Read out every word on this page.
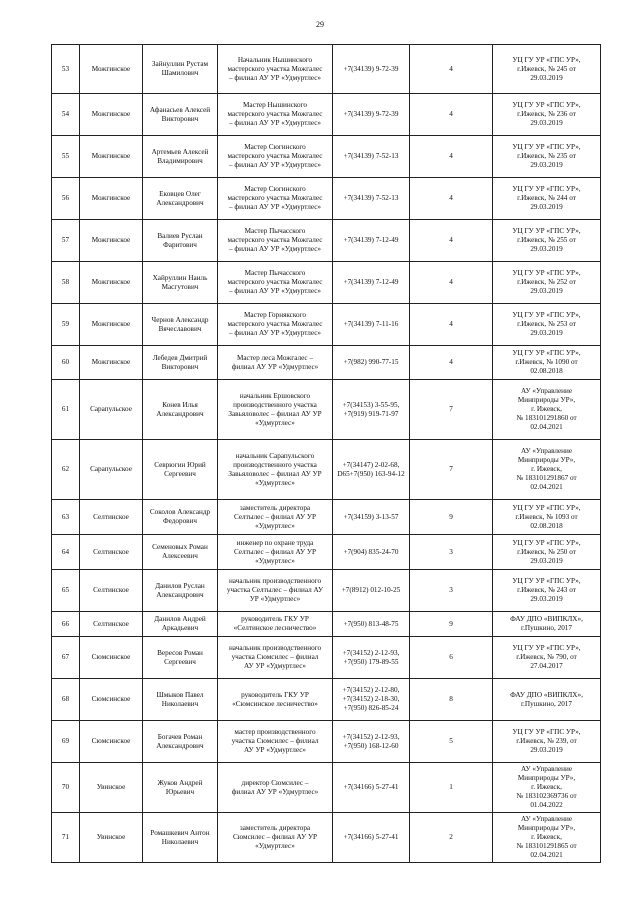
29
53	Можгинское	Зайнуллин Рустам
Шамилович	Начальник Нышинского
мастерского участка Можгалес
– филиал АУ УР «Удмуртлес»	+7(34139) 9-72-39	4	УЦ ГУ УР «ГПС УР»,
г.Ижевск, № 245 от
29.03.2019
54	Можгинское	Афанасьев Алексей
Викторович	Мастер Нышинского
мастерского участка Можгалес
– филиал АУ УР «Удмуртлес»	+7(34139) 9-72-39	4	УЦ ГУ УР «ГПС УР»,
г.Ижевск, № 236 от
29.03.2019
55	Можгинское	Артемьев Алексей
Владимирович	Мастер Сюгинского
мастерского участка Можгалес
– филиал АУ УР «Удмуртлес»	+7(34139) 7-52-13	4	УЦ ГУ УР «ГПС УР»,
г.Ижевск, № 235 от
29.03.2019
56	Можгинское	Ековцев Олег
Александрович	Мастер Сюгинского
мастерского участка Можгалес
– филиал АУ УР «Удмуртлес»	+7(34139) 7-52-13	4	УЦ ГУ УР «ГПС УР»,
г.Ижевск, № 244 от
29.03.2019
57	Можгинское	Валиев Руслан
Фаритович	Мастер Пычасского
мастерского участка Можгалес
– филиал АУ УР «Удмуртлес»	+7(34139) 7-12-49	4	УЦ ГУ УР «ГПС УР»,
г.Ижевск, № 255 от
29.03.2019
58	Можгинское	Хайруллин Наиль
Масгутович	Мастер Пычасского
мастерского участка Можгалес
– филиал АУ УР «Удмуртлес»	+7(34139) 7-12-49	4	УЦ ГУ УР «ГПС УР»,
г.Ижевск, № 252 от
29.03.2019
59	Можгинское	Чернов Александр
Вячеславович	Мастер Горнякского
мастерского участка Можгалес
– филиал АУ УР «Удмуртлес»	+7(34139) 7-11-16	4	УЦ ГУ УР «ГПС УР»,
г.Ижевск, № 253 от
29.03.2019
60	Можгинское	Лебедев Дмитрий
Викторович	Мастер леса Можгалес –
филиал АУ УР «Удмуртлес»	+7(982) 990-77-15	4	УЦ ГУ УР «ГПС УР»,
г.Ижевск, № 1090 от
02.08.2018
61	Сарапульское	Конев Илья
Александрович	начальник Ершовского
производственного участка
Завьяловолес – филиал АУ УР
«Удмуртлес»	+7(34153) 3-55-95,
+7(919) 919-71-97	7	АУ «Управление
Минприроды УР»,
г. Ижевск,
№ 183101291860 от
02.04.2021
62	Сарапульское	Севрюгин Юрий
Сергеевич	начальник Сарапульского
производственного участка
Завьяловолес – филиал АУ УР
«Удмуртлес»	+7(34147) 2-02-68,
D65+7(950) 163-94-12	7	АУ «Управление
Минприроды УР»,
г. Ижевск,
№ 183101291867 от
02.04.2021
63	Селтинское	Соколов Александр
Федорович	заместитель директора
Селтылес – филиал АУ УР
«Удмуртлес»	+7(34159) 3-13-57	9	УЦ ГУ УР «ГПС УР»,
г.Ижевск, № 1093 от
02.08.2018
64	Селтинское	Семеновых Роман
Алексеевич	инженер по охране труда
Селтылес – филиал АУ УР
«Удмуртлес»	+7(904) 835-24-70	3	УЦ ГУ УР «ГПС УР»,
г.Ижевск, № 250 от
29.03.2019
65	Селтинское	Данилов Руслан
Александрович	начальник производственного
участка Селтылес – филиал АУ
УР «Удмуртлес»	+7(8912) 012-10-25	3	УЦ ГУ УР «ГПС УР»,
г.Ижевск, № 243 от
29.03.2019
66	Селтинское	Данилов Андрей
Аркадьевич	руководитель ГКУ УР
«Селтинское лесничество»	+7(950) 813-48-75	9	ФАУ ДПО «ВИПКЛХ»,
г.Пушкино, 2017
67	Сюмсинское	Вересов Роман
Сергеевич	начальник производственного
участка Сюмсилес – филиал
АУ УР «Удмуртлес»	+7(34152) 2-12-93,
+7(950) 179-89-55	6	УЦ ГУ УР «ГПС УР»,
г.Ижевск, № 790, от
27.04.2017
68	Сюмсинское	Шмыков Павел
Николаевич	руководитель ГКУ УР
«Сюмсинское лесничество»	+7(34152) 2-12-80,
+7(34152) 2-18-30,
+7(950) 826-85-24	8	ФАУ ДПО «ВИПКЛХ»,
г.Пушкино, 2017
69	Сюмсинское	Богачев Роман
Александрович	мастер производственного
участка Сюмсилес – филиал
АУ УР «Удмуртлес»	+7(34152) 2-12-93,
+7(950) 168-12-60	5	УЦ ГУ УР «ГПС УР»,
г.Ижевск, № 239, от
29.03.2019
70	Увинское	Жуков Андрей
Юрьевич	директор Сюмсилес –
филиал АУ УР «Удмуртлес»	+7(34166) 5-27-41	1	АУ «Управление
Минприроды УР»,
г. Ижевск,
№ 183102369736 от
01.04.2022
71	Увинское	Ромашкевич Антон
Николаевич	заместитель директора
Сюмсилес – филиал АУ УР
«Удмуртлес»	+7(34166) 5-27-41	2	АУ «Управление
Минприроды УР»,
г. Ижевск,
№ 183101291865 от
02.04.2021
